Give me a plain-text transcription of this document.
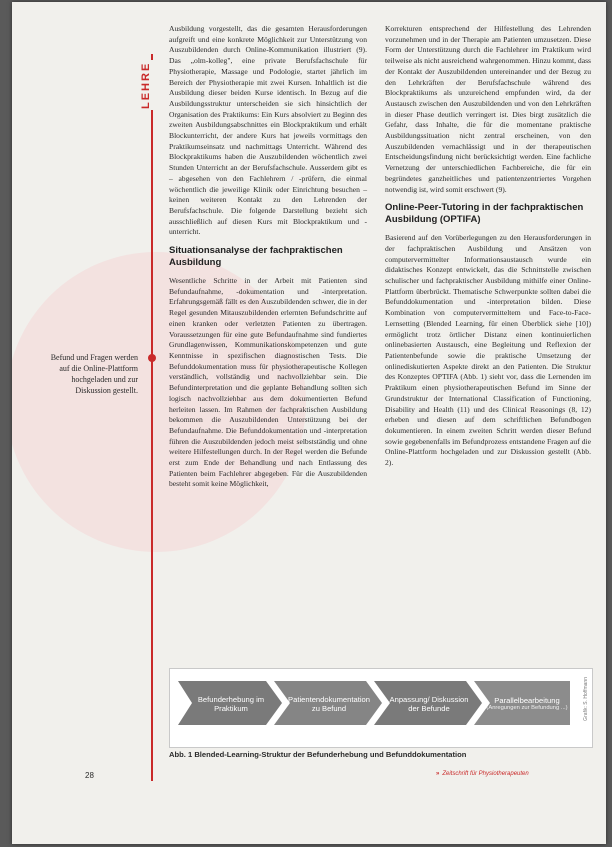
LEHRE
Befund und Fragen werden auf die Online-Plattform hochgeladen und zur Diskussion gestellt.

Ausbildung vorgestellt, das die gesamten Herausforderungen aufgreift und eine konkrete Möglichkeit zur Unterstützung von Auszubildenden durch Online-Kommunikation illustriert (9). Das „olm-kolleg", eine private Berufsfachschule für Physiotherapie, Massage und Podologie, startet jährlich im Bereich der Physiotherapie mit zwei Kursen. Inhaltlich ist die Ausbildung dieser beiden Kurse identisch. In Bezug auf die Ausbildungsstruktur unterscheiden sie sich hinsichtlich der Organisation des Praktikums: Ein Kurs absolviert zu Beginn des zweiten Ausbildungsabschnittes ein Blockpraktikum und erhält Blockunterricht, der andere Kurs hat jeweils vormittags den Praktikumseinsatz und nachmittags Unterricht. Während des Blockpraktikums haben die Auszubildenden wöchentlich zwei Stunden Unterricht an der Berufsfachschule. Ausserdem gibt es – abgesehen von den Fachlehrern / -prüfern, die einmal wöchentlich die jeweilige Klinik oder Einrichtung besuchen – keinen weiteren Kontakt zu den Lehrenden der Berufsfachschule. Die folgende Darstellung bezieht sich ausschließlich auf diesen Kurs mit Blockpraktikum und -unterricht.

Situationsanalyse der fachpraktischen Ausbildung

Wesentliche Schritte in der Arbeit mit Patienten sind Befundaufnahme, -dokumentation und -interpretation. Erfahrungsgemäß fällt es den Auszubildenden schwer, die in der Regel gesunden Mitauszubildenden erlernten Befundschritte auf einen kranken oder verletzten Patienten zu übertragen. Voraussetzungen für eine gute Befundaufnahme sind fundiertes Grundlagenwissen, Kommunikationskompetenzen und gute Kenntnisse in spezifischen diagnostischen Tests. Die Befunddokumentation muss für physiotherapeutische Kollegen verständlich, vollständig und nachvollziehbar sein. Die Befundinterpretation und die geplante Behandlung sollten sich logisch nachvollziehbar aus dem dokumentierten Befund herleiten lassen. Im Rahmen der fachpraktischen Ausbildung bekommen die Auszubildenden Unterstützung bei der Befundaufnahme. Die Befunddokumentation und -interpretation führen die Auszubildenden jedoch meist selbstständig und ohne weitere Hilfestellungen durch. In der Regel werden die Befunde erst zum Ende der Behandlung und nach Entlassung des Patienten beim Fachlehrer abgegeben. Für die Auszubildenden besteht somit keine Möglichkeit,

Korrekturen entsprechend der Hilfestellung des Lehrenden vorzunehmen und in der Therapie am Patienten umzusetzen. Diese Form der Unterstützung durch die Fachlehrer im Praktikum wird teilweise als nicht ausreichend wahrgenommen. Hinzu kommt, dass der Kontakt der Auszubildenden untereinander und der Bezug zu den Lehrkräften der Berufsfachschule während des Blockpraktikums als unzureichend empfunden wird, da der Austausch zwischen den Auszubildenden und von den Lehrkräften in dieser Phase deutlich verringert ist. Dies birgt zusätzlich die Gefahr, dass Inhalte, die für die momentane praktische Ausbildungssituation nicht zentral erscheinen, von den Auszubildenden vernachlässigt und in der therapeutischen Entscheidungsfindung nicht berücksichtigt werden. Eine fachliche Vernetzung der unterschiedlichen Fachbereiche, die für ein begründetes ganzheitliches und patientenzentriertes Vorgehen notwendig ist, wird somit erschwert (9).

Online-Peer-Tutoring in der fachpraktischen Ausbildung (OPTIFA)

Basierend auf den Vorüberlegungen zu den Herausforderungen in der fachpraktischen Ausbildung und Ansätzen von computervermittelter Informationsaustausch wurde ein didaktisches Konzept entwickelt, das die Schnittstelle zwischen schulischer und fachpraktischer Ausbildung mithilfe einer Online-Plattform überbrückt. Thematische Schwerpunkte sollten dabei die Befunddokumentation und -interpretation bilden. Diese Kombination von computervermitteltem und Face-to-Face-Lernsetting (Blended Learning, für einen Überblick siehe [10]) ermöglicht trotz örtlicher Distanz einen kontinuierlichen onlinebasierten Austausch, eine Begleitung und Reflexion der Patientenbefunde sowie die praktische Umsetzung der onlinediskutierten Aspekte direkt an den Patienten. Die Struktur des Konzeptes OPTIFA (Abb. 1) sieht vor, dass die Lernenden im Praktikum einen physiotherapeutischen Befund im Sinne der Grundstruktur der International Classification of Functioning, Disability and Health (11) und des Clinical Reasonings (8, 12) erheben und diesen auf dem schriftlichen Befundbogen dokumentieren. In einem zweiten Schritt werden dieser Befund sowie gegebenenfalls im Befundprozess entstandene Fragen auf die Online-Plattform hochgeladen und zur Diskussion gestellt (Abb. 2).

Befunderhebung im Praktikum
Patientendokumentation zu Befund
Anpassung/ Diskussion der Befunde
Parallelbearbeitung
(Anregungen zur Befundung ...)	Grafik: S. Hoffmann
Abb. 1 Blended-Learning-Struktur der Befunderhebung und Befunddokumentation
28	» Zeitschrift für Physiotherapeuten
